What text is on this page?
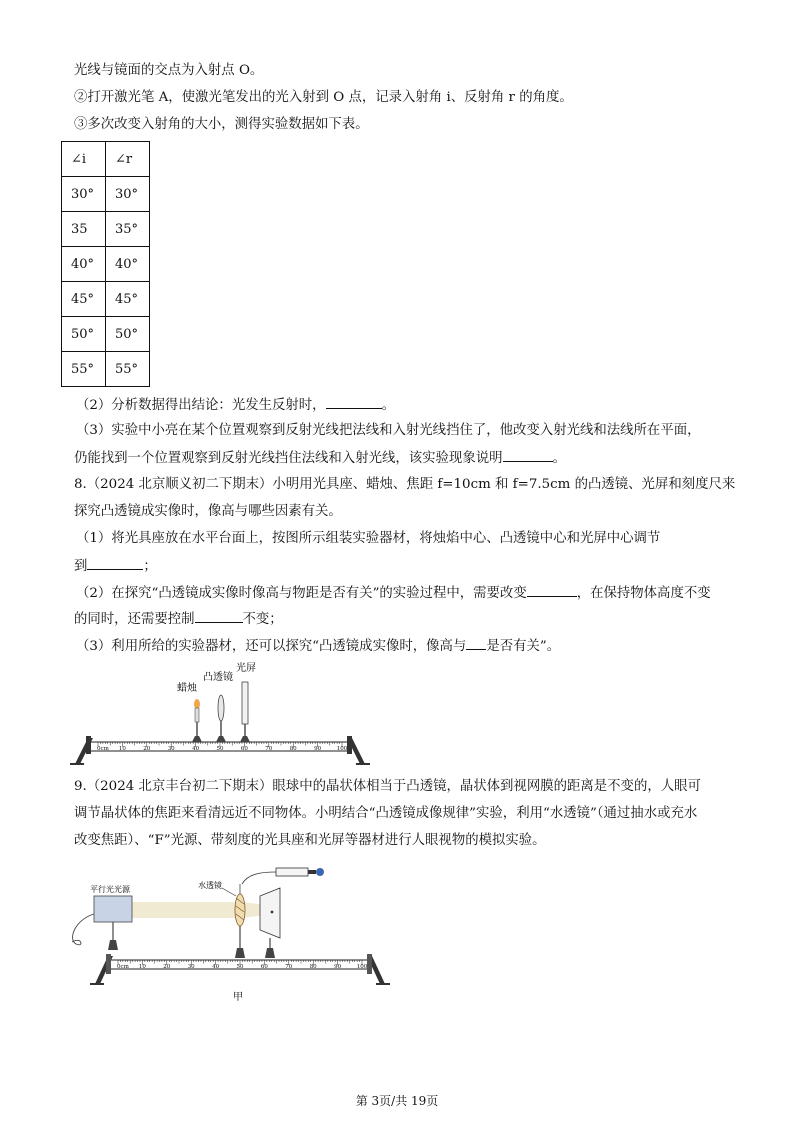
光线与镜面的交点为入射点 O。
②打开激光笔 A，使激光笔发出的光入射到 O 点，记录入射角 i、反射角 r 的角度。
③多次改变入射角的大小，测得实验数据如下表。
∠i	∠r
30°	30°
35	35°
40°	40°
45°	45°
50°	50°
55°	55°
（2）分析数据得出结论：光发生反射时，	。
（3）实验中小亮在某个位置观察到反射光线把法线和入射光线挡住了，他改变入射光线和法线所在平面，
仍能找到一个位置观察到反射光线挡住法线和入射光线，该实验现象说明	。
8.（2024 北京顺义初二下期末）小明用光具座、蜡烛、焦距 f=10cm 和 f=7.5cm 的凸透镜、光屏和刻度尺来
探究凸透镜成实像时，像高与哪些因素有关。
（1）将光具座放在水平台面上，按图所示组装实验器材，将烛焰中心、凸透镜中心和光屏中心调节
到	；
（2）在探究“凸透镜成实像时像高与物距是否有关”的实验过程中，需要改变	，在保持物体高度不变
的同时，还需要控制	不变；
（3）利用所给的实验器材，还可以探究“凸透镜成实像时，像高与 是否有关”。
0cm 10	20	30	40	50	60	70	80	90	100
蜡烛
凸透镜
光屏
9.（2024 北京丰台初二下期末）眼球中的晶状体相当于凸透镜，晶状体到视网膜的距离是不变的，人眼可
调节晶状体的焦距来看清远近不同物体。小明结合“凸透镜成像规律”实验，利用“水透镜”（通过抽水或充水
改变焦距）、“F”光源、带刻度的光具座和光屏等器材进行人眼视物的模拟实验。
0cm 10	20	30	40	50	60	70	80	90	100
平行光光源	水透镜
甲
第 3页/共 19页
